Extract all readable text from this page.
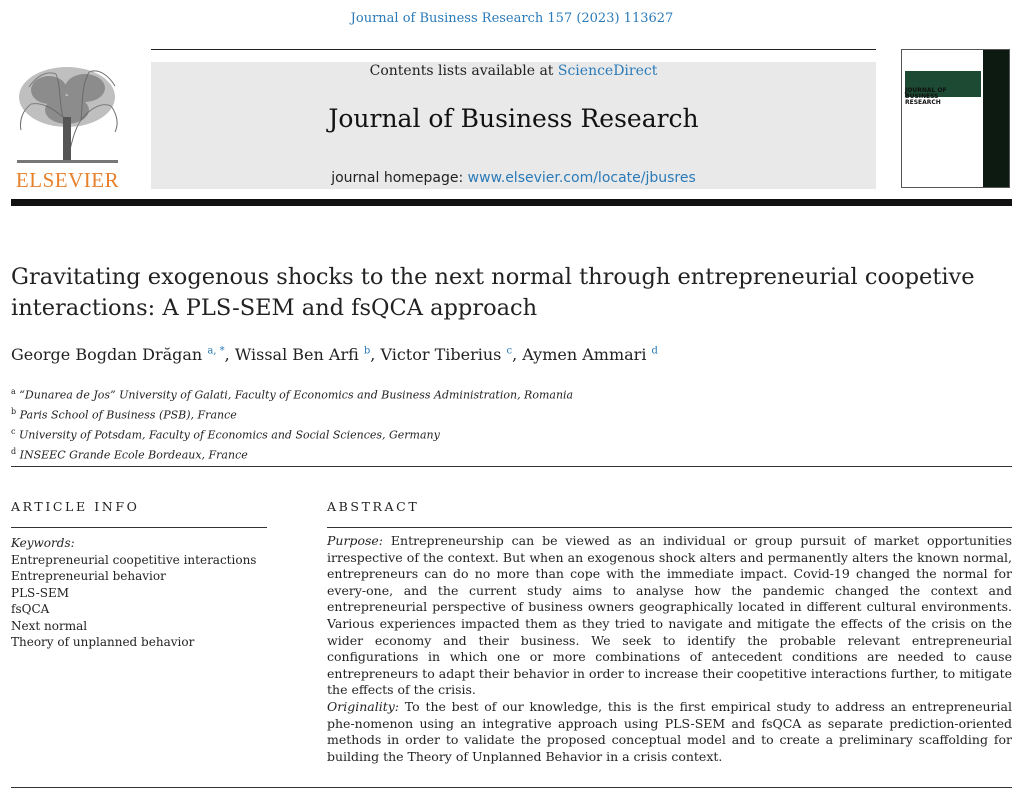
Journal of Business Research 157 (2023) 113627
ELSEVIER
Contents lists available at ScienceDirect
Journal of Business Research
journal homepage: www.elsevier.com/locate/jbusres
JOURNAL OF BUSINESS RESEARCH
Gravitating exogenous shocks to the next normal through entrepreneurial coopetive interactions: A PLS-SEM and fsQCA approach
George Bogdan Drăgan $^{a, *}$, Wissal Ben Arfi $^b$, Victor Tiberius $^c$, Aymen Ammari $^d$
$^a$ “Dunarea de Jos” University of Galati, Faculty of Economics and Business Administration, Romania
$^b$ Paris School of Business (PSB), France
$^c$ University of Potsdam, Faculty of Economics and Social Sciences, Germany
$^d$ INSEEC Grande Ecole Bordeaux, France
ARTICLE INFO	ABSTRACT
Keywords:
Entrepreneurial coopetitive interactions
Entrepreneurial behavior
PLS-SEM
fsQCA
Next normal
Theory of unplanned behavior

Purpose: Entrepreneurship can be viewed as an individual or group pursuit of market opportunities irrespective of the context. But when an exogenous shock alters and permanently alters the known normal, entrepreneurs can do no more than cope with the immediate impact. Covid-19 changed the normal for every-one, and the current study aims to analyse how the pandemic changed the context and entrepreneurial perspective of business owners geographically located in different cultural environments. Various experiences impacted them as they tried to navigate and mitigate the effects of the crisis on the wider economy and their business. We seek to identify the probable relevant entrepreneurial configurations in which one or more combinations of antecedent conditions are needed to cause entrepreneurs to adapt their behavior in order to increase their coopetitive interactions further, to mitigate the effects of the crisis.

Originality: To the best of our knowledge, this is the first empirical study to address an entrepreneurial phe-nomenon using an integrative approach using PLS-SEM and fsQCA as separate prediction-oriented methods in order to validate the proposed conceptual model and to create a preliminary scaffolding for building the Theory of Unplanned Behavior in a crisis context.
